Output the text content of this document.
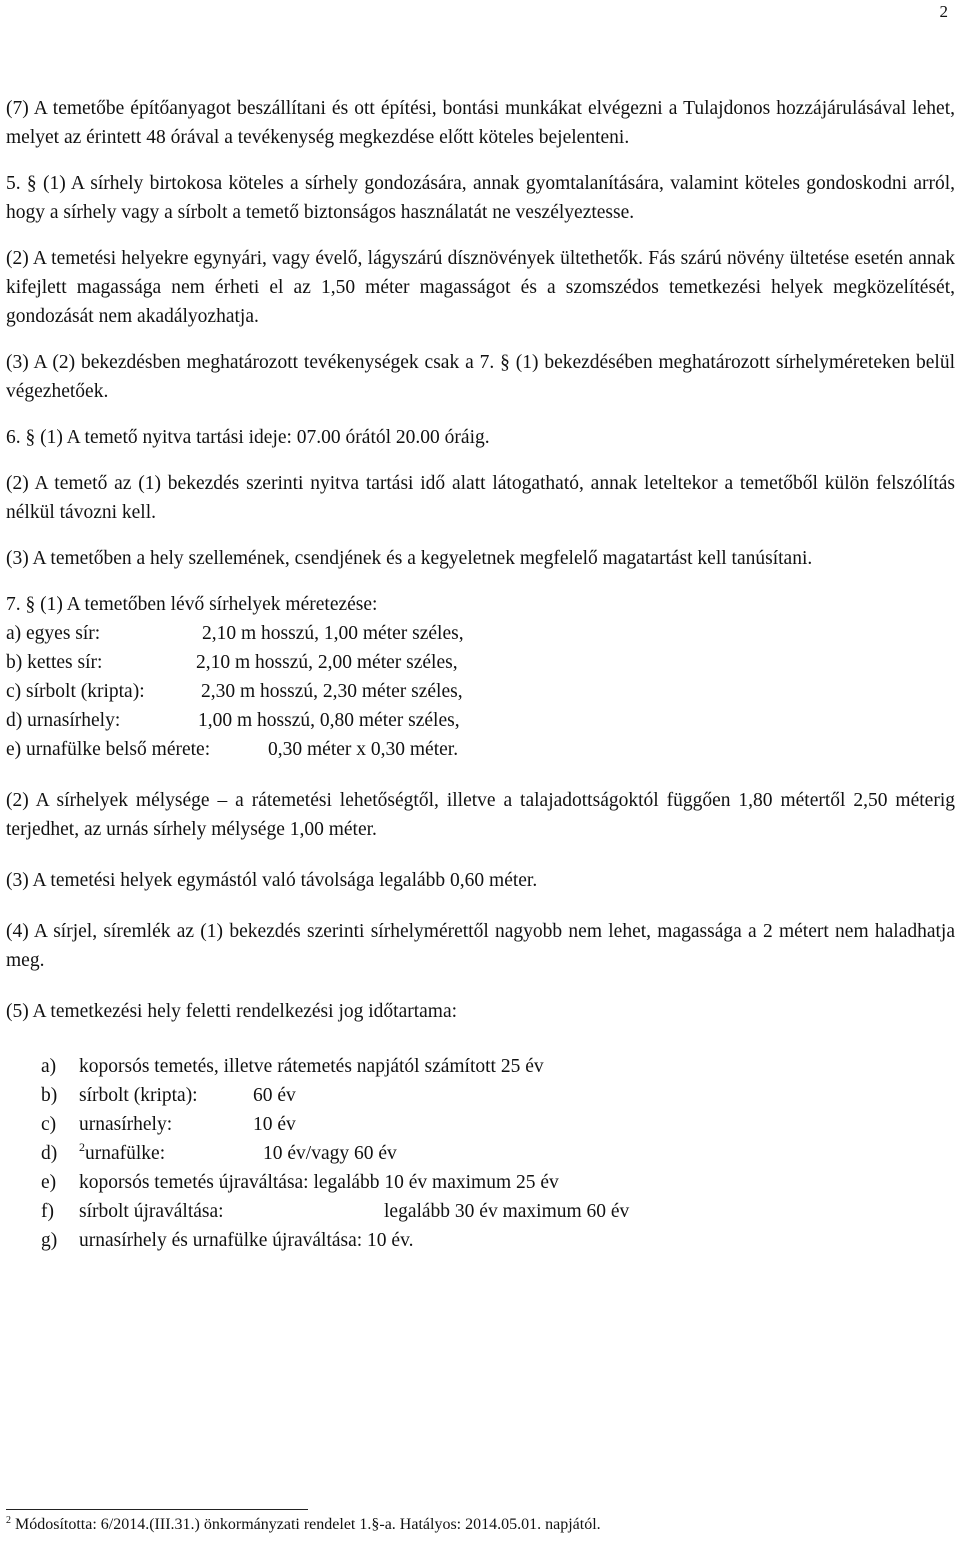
2

(7) A temetőbe építőanyagot beszállítani és ott építési, bontási munkákat elvégezni a Tulajdonos hozzájárulásával lehet, melyet az érintett 48 órával a tevékenység megkezdése előtt köteles bejelenteni.

5. § (1) A sírhely birtokosa köteles a sírhely gondozására, annak gyomtalanítására, valamint köteles gondoskodni arról, hogy a sírhely vagy a sírbolt a temető biztonságos használatát ne veszélyeztesse.

(2) A temetési helyekre egynyári, vagy évelő, lágyszárú dísznövények ültethetők. Fás szárú növény ültetése esetén annak kifejlett magassága nem érheti el az 1,50 méter magasságot és a szomszédos temetkezési helyek megközelítését, gondozását nem akadályozhatja.

(3) A (2) bekezdésben meghatározott tevékenységek csak a 7. § (1) bekezdésében meghatározott sírhelyméreteken belül végezhetőek.

6. § (1) A temető nyitva tartási ideje: 07.00 órától 20.00 óráig.

(2) A temető az (1) bekezdés szerinti nyitva tartási idő alatt látogatható, annak leteltekor a temetőből külön felszólítás nélkül távozni kell.

(3) A temetőben a hely szellemének, csendjének és a kegyeletnek megfelelő magatartást kell tanúsítani.

7. § (1) A temetőben lévő sírhelyek méretezése:

a) egyes sír:	2,10 m hosszú, 1,00 méter széles,
b) kettes sír:	2,10 m hosszú, 2,00 méter széles,
c) sírbolt (kripta):	2,30 m hosszú, 2,30 méter széles,
d) urnasírhely:	1,00 m hosszú, 0,80 méter széles,
e) urnafülke belső mérete:	0,30 méter x 0,30 méter.

(2) A sírhelyek mélysége – a rátemetési lehetőségtől, illetve a talajadottságoktól függően 1,80 métertől 2,50 méterig terjedhet, az urnás sírhely mélysége 1,00 méter.

(3) A temetési helyek egymástól való távolsága legalább 0,60 méter.

(4) A sírjel, síremlék az (1) bekezdés szerinti sírhelymérettől nagyobb nem lehet, magassága a 2 métert nem haladhatja meg.

(5) A temetkezési hely feletti rendelkezési jog időtartama:

a)	koporsós temetés, illetve rátemetés napjától számított 25 év
b)	sírbolt (kripta):	60 év
c)	urnasírhely:	10 év
d)	$^2$urnafülke:	10 év/vagy 60 év
e)	koporsós temetés újraváltása: legalább 10 év maximum 25 év
f)	sírbolt újraváltása:	legalább 30 év maximum 60 év
g)	urnasírhely és urnafülke újraváltása: 10 év.
$^2$ Módosította: 6/2014.(III.31.) önkormányzati rendelet 1.§-a. Hatályos: 2014.05.01. napjától.
